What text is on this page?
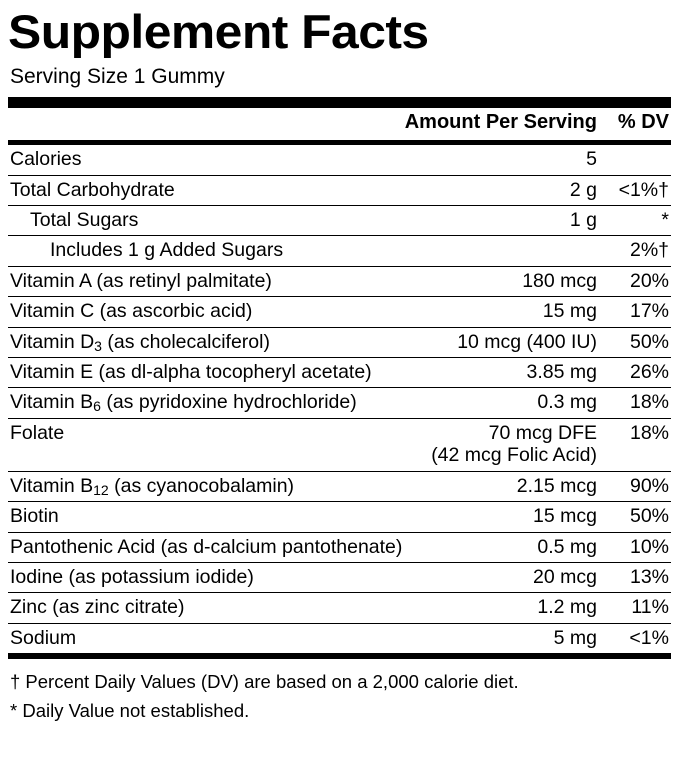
Supplement Facts
Serving Size 1 Gummy
	Amount Per Serving	% DV
Calories	5	
Total Carbohydrate	2 g	<1%†
Total Sugars	1 g	*
Includes 1 g Added Sugars		2%†
Vitamin A (as retinyl palmitate)	180 mcg	20%
Vitamin C (as ascorbic acid)	15 mg	17%
Vitamin $D_3$ (as cholecalciferol)	10 mcg (400 IU)	50%
Vitamin E (as dl-alpha tocopheryl acetate)	3.85 mg	26%
Vitamin $B_6$ (as pyridoxine hydrochloride)	0.3 mg	18%
Folate	70 mcg DFE	18%
	(42 mcg Folic Acid)	
Vitamin $B_{12}$ (as cyanocobalamin)	2.15 mcg	90%
Biotin	15 mcg	50%
Pantothenic Acid (as d-calcium pantothenate)	0.5 mg	10%
Iodine (as potassium iodide)	20 mcg	13%
Zinc (as zinc citrate)	1.2 mg	11%
Sodium	5 mg	<1%
† Percent Daily Values (DV) are based on a 2,000 calorie diet.
* Daily Value not established.
